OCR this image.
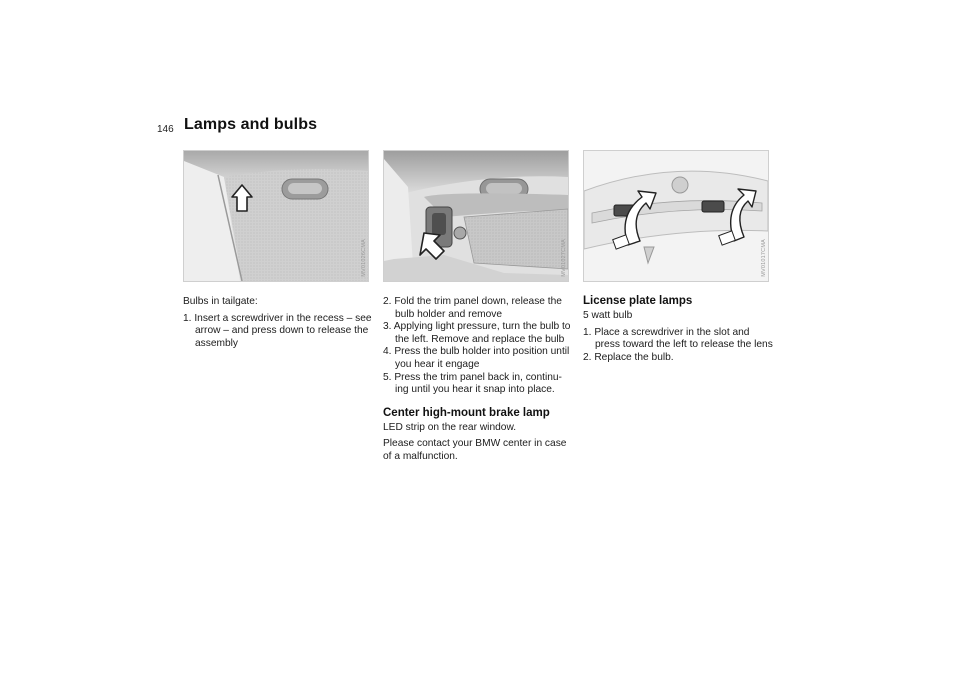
146 Lamps and bulbs
MV01026CMA	MV01027CMA	MV01017CMA

Bulbs in tailgate:

1. Insert a screwdriver in the recess – see arrow – and press down to release the assembly
2. Fold the trim panel down, release the bulb holder and remove
3. Applying light pressure, turn the bulb to the left. Remove and replace the bulb
4. Press the bulb holder into position until you hear it engage
5. Press the trim panel back in, continu-ing until you hear it snap into place.
Center high-mount brake lamp

LED strip on the rear window.

Please contact your BMW center in case of a malfunction.

License plate lamps

5 watt bulb

1. Place a screwdriver in the slot and press toward the left to release the lens
2. Replace the bulb.
